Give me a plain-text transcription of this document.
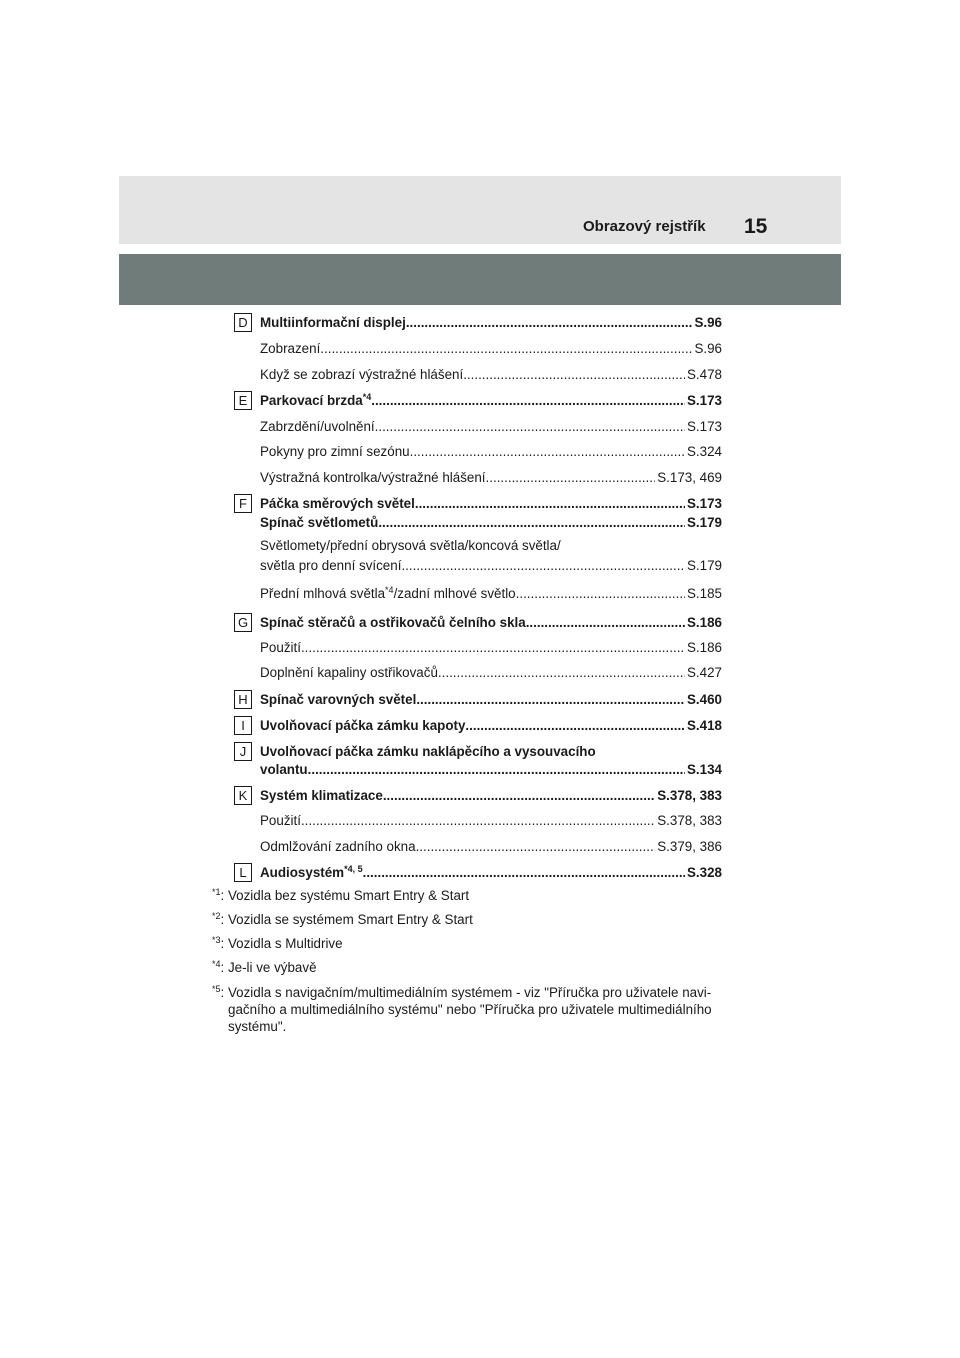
Obrazový rejstřík 15
D Multiinformační displej .....	S.96
Zobrazení .....	S.96
Když se zobrazí výstražné hlášení .....	S.478
E Parkovací brzda$^{*4}$ .....	S.173
Zabrzdění/uvolnění .....	S.173
Pokyny pro zimní sezónu .....	S.324
Výstražná kontrolka/výstražné hlášení .....	S.173, 469
F Páčka směrových světel .....	S.173
Spínač světlometů .....	S.179
Světlomety/přední obrysová světla/koncová světla/
světla pro denní svícení .....	S.179
Přední mlhová světla$^{*4}$/zadní mlhové světlo .....	S.185
G Spínač stěračů a ostřikovačů čelního skla .....	S.186
Použití .....	S.186
Doplnění kapaliny ostřikovačů .....	S.427
H Spínač varovných světel .....	S.460
I	Uvolňovací páčka zámku kapoty .....	S.418
J	Uvolňovací páčka zámku naklápěcího a vysouvacího
volantu .....	S.134
K Systém klimatizace .....	S.378, 383
Použití .....	S.378, 383
Odmlžování zadního okna .....	S.379, 386
L Audiosystém$^{*4, 5}$ .....	S.328
$^{*1}$: Vozidla bez systému Smart Entry & Start
$^{*2}$: Vozidla se systémem Smart Entry & Start
$^{*3}$: Vozidla s Multidrive
$^{*4}$: Je-li ve výbavě
$^{*5}$: Vozidla s navigačním/multimediálním systémem - viz "Příručka pro uživatele navi-
gačního a multimediálního systému" nebo "Příručka pro uživatele multimediálního
systému".
